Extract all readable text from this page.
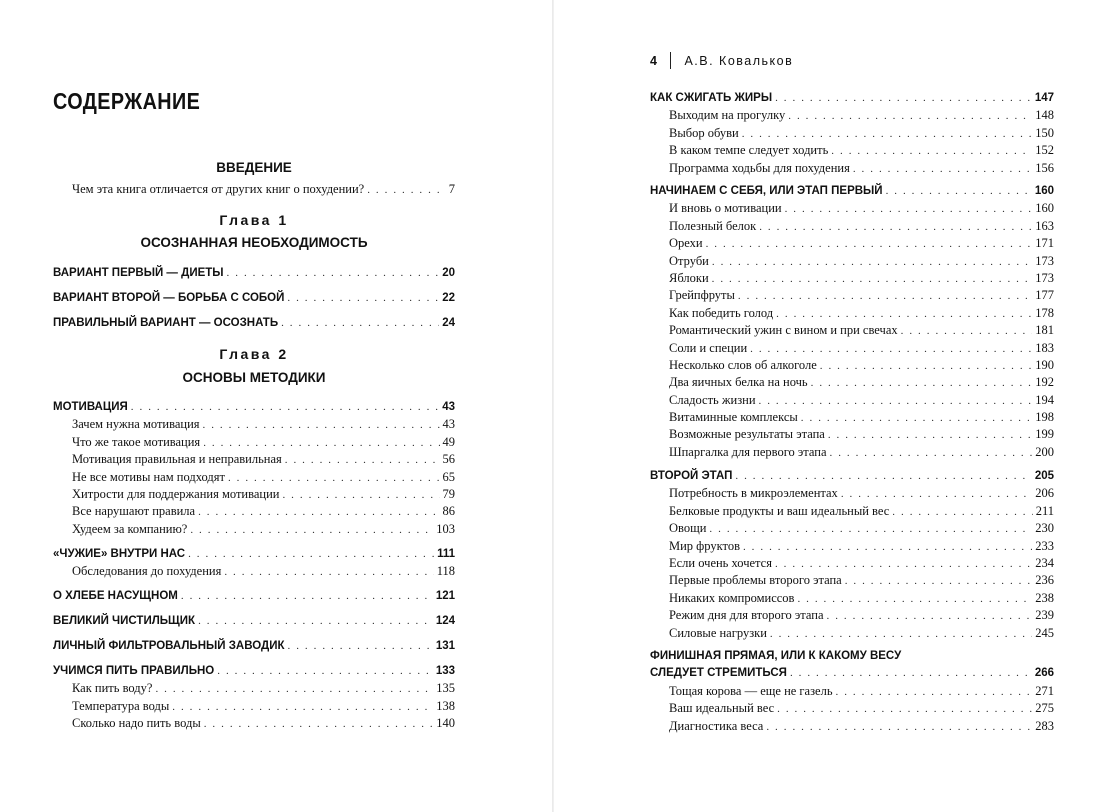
СОДЕРЖАНИЕ
ВВЕДЕНИЕ
Чем эта книга отличается от других книг о похудении? . . .	7
Глава 1
ОСОЗНАННАЯ НЕОБХОДИМОСТЬ
ВАРИАНТ ПЕРВЫЙ — ДИЕТЫ . . .	20
ВАРИАНТ ВТОРОЙ — БОРЬБА С СОБОЙ . . .	22
ПРАВИЛЬНЫЙ ВАРИАНТ — ОСОЗНАТЬ . . .	24
Глава 2
ОСНОВЫ МЕТОДИКИ
МОТИВАЦИЯ . . .	43
Зачем нужна мотивация . . .	43
Что же такое мотивация . . .	49
Мотивация правильная и неправильная . . .	56
Не все мотивы нам подходят . . .	65
Хитрости для поддержания мотивации . . .	79
Все нарушают правила . . .	86
Худеем за компанию? . . .	103
«ЧУЖИЕ» ВНУТРИ НАС . . .	111
Обследования до похудения . . .	118
О ХЛЕБЕ НАСУЩНОМ . . .	121
ВЕЛИКИЙ ЧИСТИЛЬЩИК . . .	124
ЛИЧНЫЙ ФИЛЬТРОВАЛЬНЫЙ ЗАВОДИК . . .	131
УЧИМСЯ ПИТЬ ПРАВИЛЬНО . . .	133
Как пить воду? . . .	135
Температура воды . . .	138
Сколько надо пить воды . . .	140
4 А.В. Ковальков
КАК СЖИГАТЬ ЖИРЫ . . .	147
Выходим на прогулку . . .	148
Выбор обуви . . .	150
В каком темпе следует ходить . . .	152
Программа ходьбы для похудения . . .	156
НАЧИНАЕМ С СЕБЯ, ИЛИ ЭТАП ПЕРВЫЙ . . .	160
И вновь о мотивации . . .	160
Полезный белок . . .	163
Орехи . . .	171
Отруби . . .	173
Яблоки . . .	173
Грейпфруты . . .	177
Как победить голод . . .	178
Романтический ужин с вином и при свечах . . .	181
Соли и специи . . .	183
Несколько слов об алкоголе . . .	190
Два яичных белка на ночь . . .	192
Сладость жизни . . .	194
Витаминные комплексы . . .	198
Возможные результаты этапа . . .	199
Шпаргалка для первого этапа . . .	200
ВТОРОЙ ЭТАП . . .	205
Потребность в микроэлементах . . .	206
Белковые продукты и ваш идеальный вес . . .	211
Овощи . . .	230
Мир фруктов . . .	233
Если очень хочется . . .	234
Первые проблемы второго этапа . . .	236
Никаких компромиссов . . .	238
Режим дня для второго этапа . . .	239
Силовые нагрузки . . .	245
ФИНИШНАЯ ПРЯМАЯ, ИЛИ К КАКОМУ ВЕСУ
СЛЕДУЕТ СТРЕМИТЬСЯ . . .	266
Тощая корова — еще не газель . . .	271
Ваш идеальный вес . . .	275
Диагностика веса . . .	283
